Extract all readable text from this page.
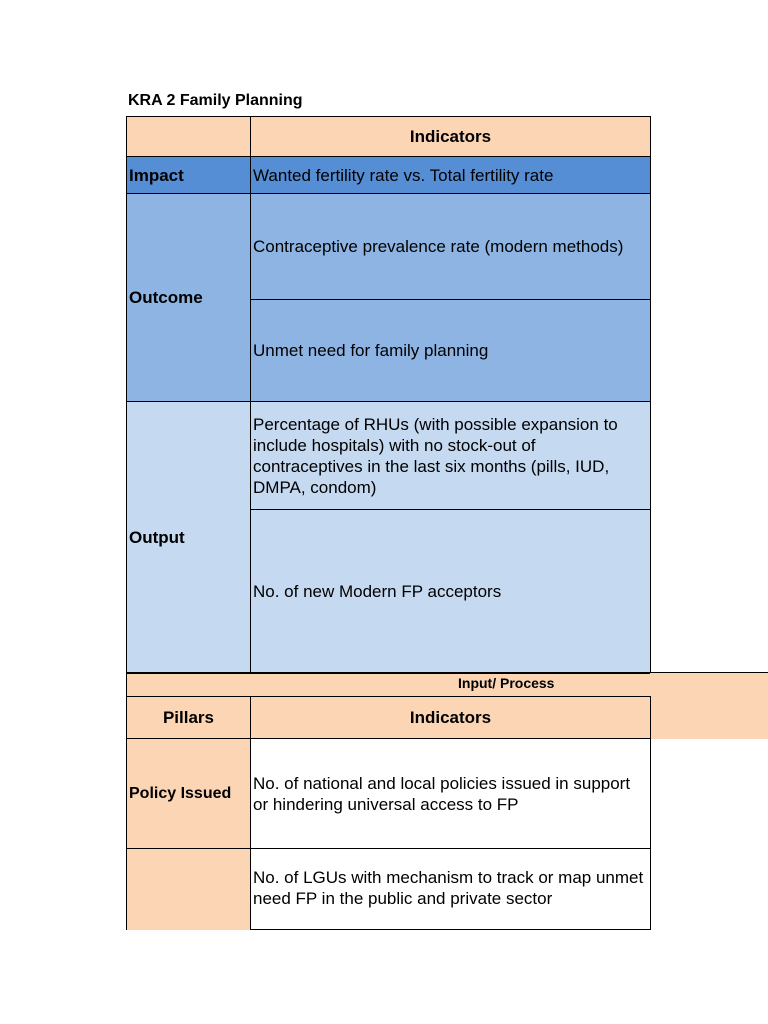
KRA 2 Family Planning
Indicators
Impact	Wanted fertility rate vs. Total fertility rate
Outcome
Contraceptive prevalence rate (modern methods)
Unmet need for family planning
Output
Percentage of RHUs (with possible expansion to include hospitals) with no stock-out of contraceptives in the last six months (pills, IUD, DMPA, condom)
No. of new Modern FP acceptors
Input/ Process
Pillars	Indicators
Policy Issued
No. of national and local policies issued in support or hindering universal access to FP
No. of LGUs with mechanism to track or map unmet need FP in the public and private sector
